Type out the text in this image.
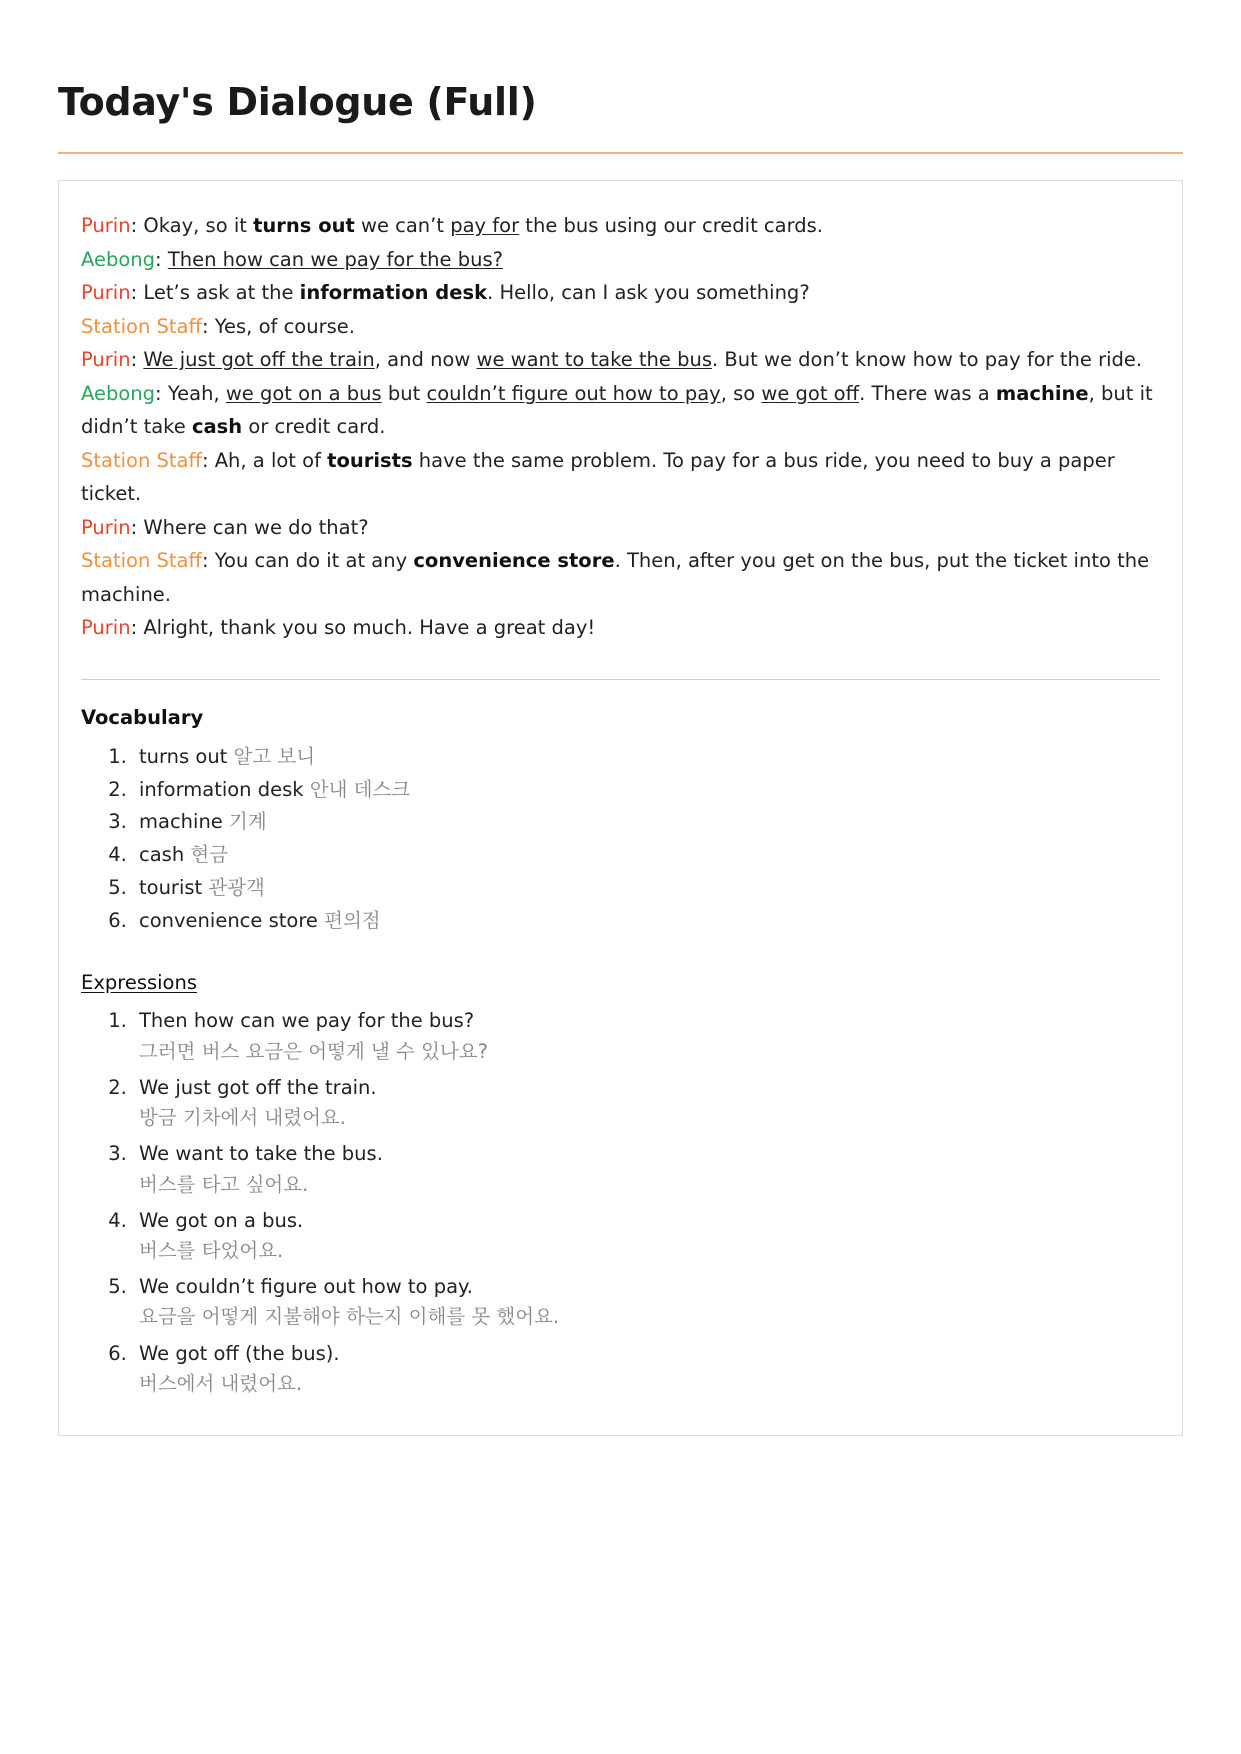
Today's Dialogue (Full)

Purin: Okay, so it turns out we can’t pay for the bus using our credit cards.

Aebong: Then how can we pay for the bus?

Purin: Let’s ask at the information desk. Hello, can I ask you something?

Station Staff: Yes, of course.

Purin: We just got off the train, and now we want to take the bus. But we don’t know how to pay for the ride.

Aebong: Yeah, we got on a bus but couldn’t figure out how to pay, so we got off. There was a machine, but it didn’t take cash or credit card.

Station Staff: Ah, a lot of tourists have the same problem. To pay for a bus ride, you need to buy a paper ticket.

Purin: Where can we do that?

Station Staff: You can do it at any convenience store. Then, after you get on the bus, put the ticket into the machine.

Purin: Alright, thank you so much. Have a great day!

Vocabulary
1. turns out 알고 보니
2. information desk 안내 데스크
3. machine 기계
4. cash 현금
5. tourist 관광객
6. convenience store 편의점
Expressions
1. Then how can we pay for the bus?
그러면 버스 요금은 어떻게 낼 수 있나요?
2. We just got off the train.
방금 기차에서 내렸어요.
3. We want to take the bus.
버스를 타고 싶어요.
4. We got on a bus.
버스를 타었어요.
5. We couldn’t figure out how to pay.
요금을 어떻게 지불해야 하는지 이해를 못 했어요.
6. We got off (the bus).
버스에서 내렸어요.
